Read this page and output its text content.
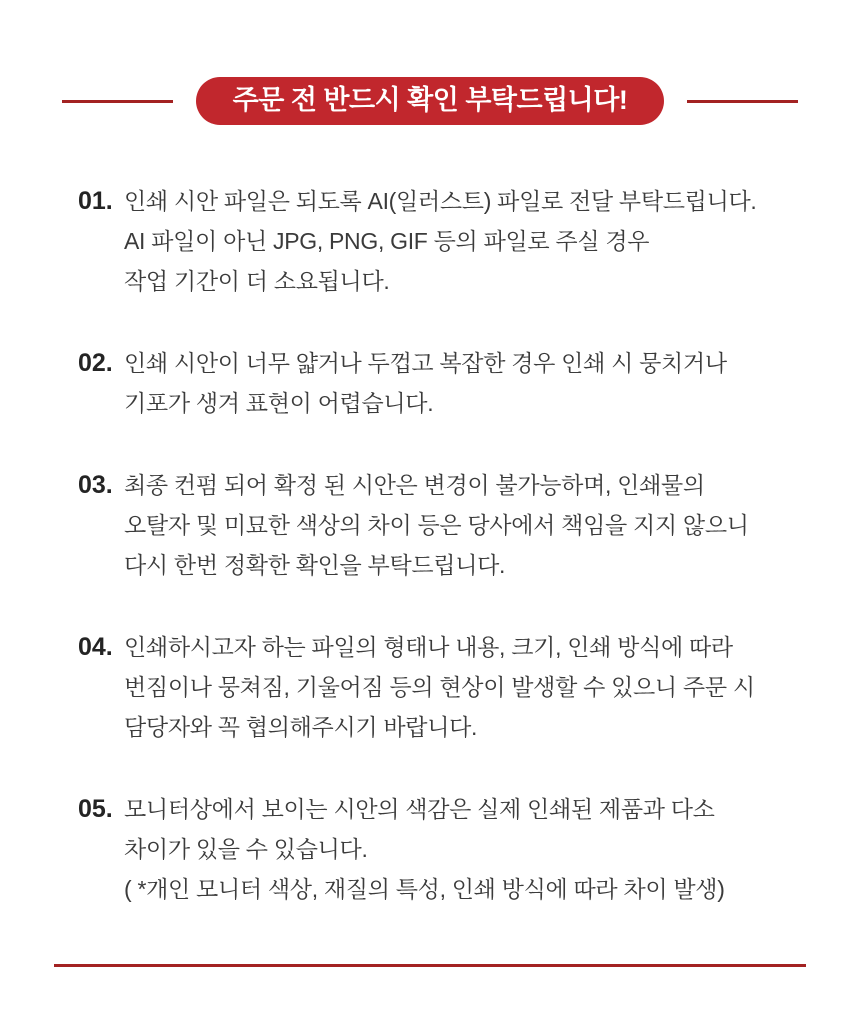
주문 전 반드시 확인 부탁드립니다!
01. 인쇄 시안 파일은 되도록 AI(일러스트) 파일로 전달 부탁드립니다.
AI 파일이 아닌 JPG, PNG, GIF 등의 파일로 주실 경우
작업 기간이 더 소요됩니다.
02. 인쇄 시안이 너무 얇거나 두껍고 복잡한 경우 인쇄 시 뭉치거나
기포가 생겨 표현이 어렵습니다.
03. 최종 컨펌 되어 확정 된 시안은 변경이 불가능하며, 인쇄물의
오탈자 및 미묘한 색상의 차이 등은 당사에서 책임을 지지 않으니
다시 한번 정확한 확인을 부탁드립니다.
04. 인쇄하시고자 하는 파일의 형태나 내용, 크기, 인쇄 방식에 따라
번짐이나 뭉쳐짐, 기울어짐 등의 현상이 발생할 수 있으니 주문 시
담당자와 꼭 협의해주시기 바랍니다.
05. 모니터상에서 보이는 시안의 색감은 실제 인쇄된 제품과 다소
차이가 있을 수 있습니다.
( *개인 모니터 색상, 재질의 특성, 인쇄 방식에 따라 차이 발생)
